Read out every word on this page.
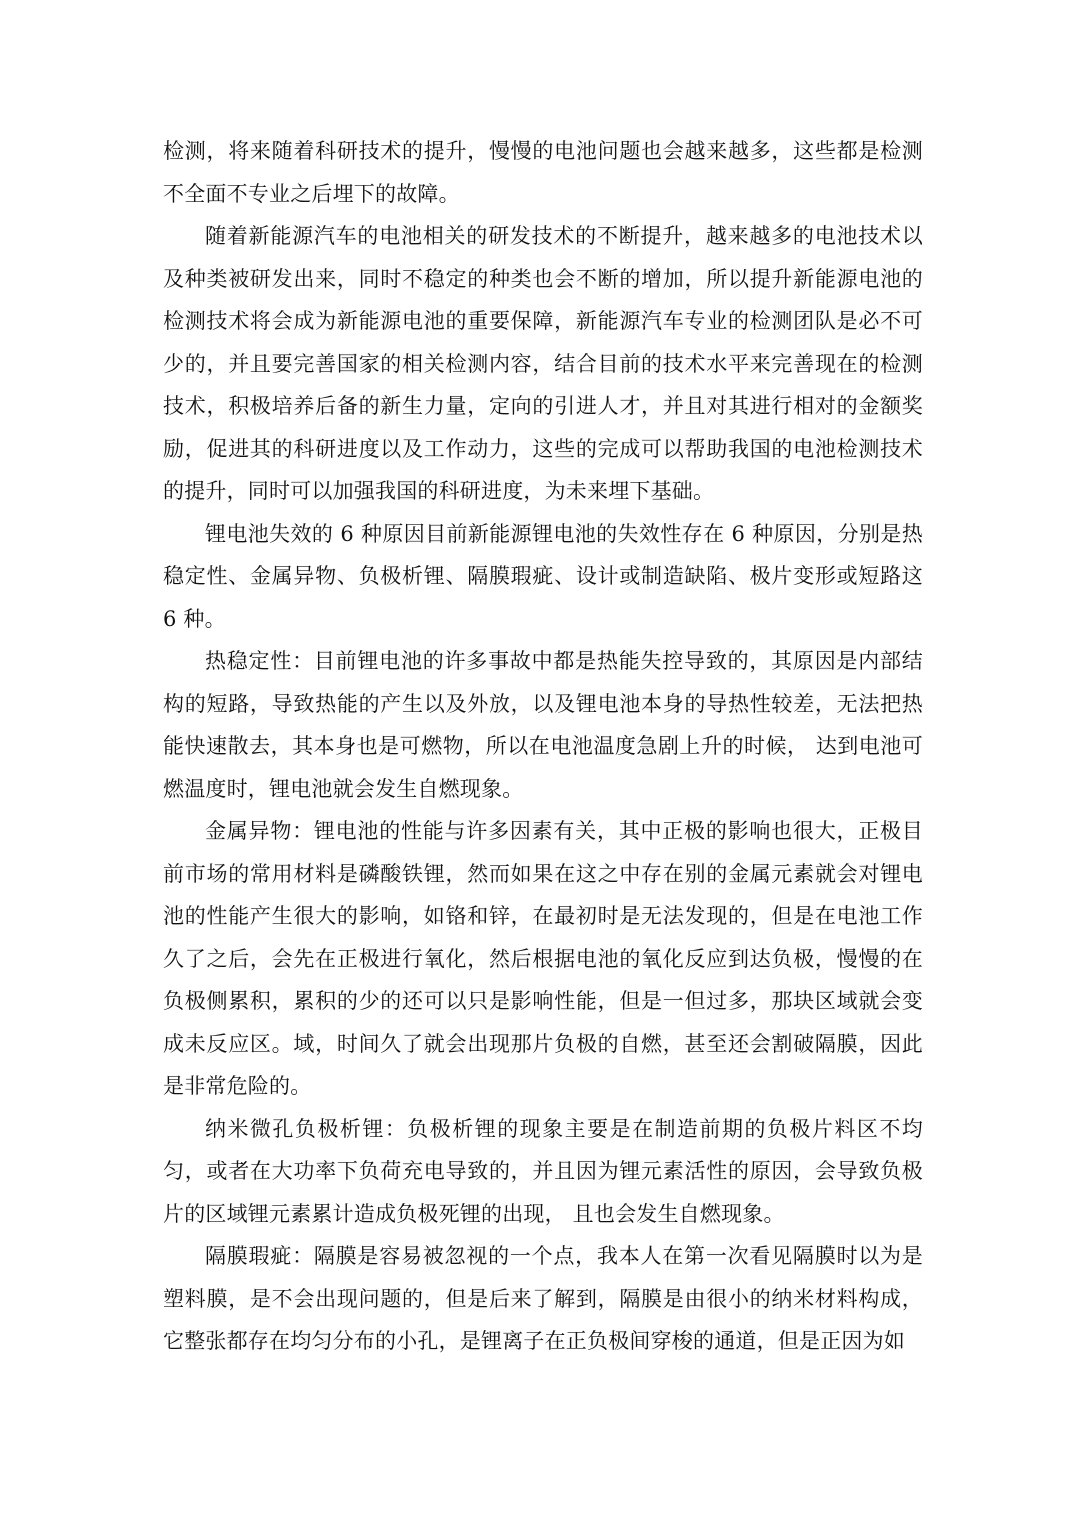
检测，将来随着科研技术的提升，慢慢的电池问题也会越来越多，这些都是检测不全面不专业之后埋下的故障。

随着新能源汽车的电池相关的研发技术的不断提升，越来越多的电池技术以及种类被研发出来，同时不稳定的种类也会不断的增加，所以提升新能源电池的检测技术将会成为新能源电池的重要保障，新能源汽车专业的检测团队是必不可少的，并且要完善国家的相关检测内容，结合目前的技术水平来完善现在的检测技术，积极培养后备的新生力量，定向的引进人才，并且对其进行相对的金额奖励，促进其的科研进度以及工作动力，这些的完成可以帮助我国的电池检测技术的提升，同时可以加强我国的科研进度，为未来埋下基础。

锂电池失效的 6 种原因目前新能源锂电池的失效性存在 6 种原因，分别是热稳定性、金属异物、负极析锂、隔膜瑕疵、设计或制造缺陷、极片变形或短路这 6 种。

热稳定性：目前锂电池的许多事故中都是热能失控导致的，其原因是内部结构的短路，导致热能的产生以及外放，以及锂电池本身的导热性较差，无法把热能快速散去，其本身也是可燃物，所以在电池温度急剧上升的时候， 达到电池可燃温度时，锂电池就会发生自燃现象。

金属异物：锂电池的性能与许多因素有关，其中正极的影响也很大，正极目前市场的常用材料是磷酸铁锂，然而如果在这之中存在别的金属元素就会对锂电池的性能产生很大的影响，如铬和锌，在最初时是无法发现的，但是在电池工作久了之后，会先在正极进行氧化，然后根据电池的氧化反应到达负极，慢慢的在负极侧累积，累积的少的还可以只是影响性能，但是一但过多，那块区域就会变成未反应区。域，时间久了就会出现那片负极的自燃，甚至还会割破隔膜，因此是非常危险的。

纳米微孔负极析锂：负极析锂的现象主要是在制造前期的负极片料区不均匀，或者在大功率下负荷充电导致的，并且因为锂元素活性的原因，会导致负极片的区域锂元素累计造成负极死锂的出现， 且也会发生自燃现象。

隔膜瑕疵：隔膜是容易被忽视的一个点，我本人在第一次看见隔膜时以为是塑料膜，是不会出现问题的，但是后来了解到，隔膜是由很小的纳米材料构成，它整张都存在均匀分布的小孔，是锂离子在正负极间穿梭的通道，但是正因为如
